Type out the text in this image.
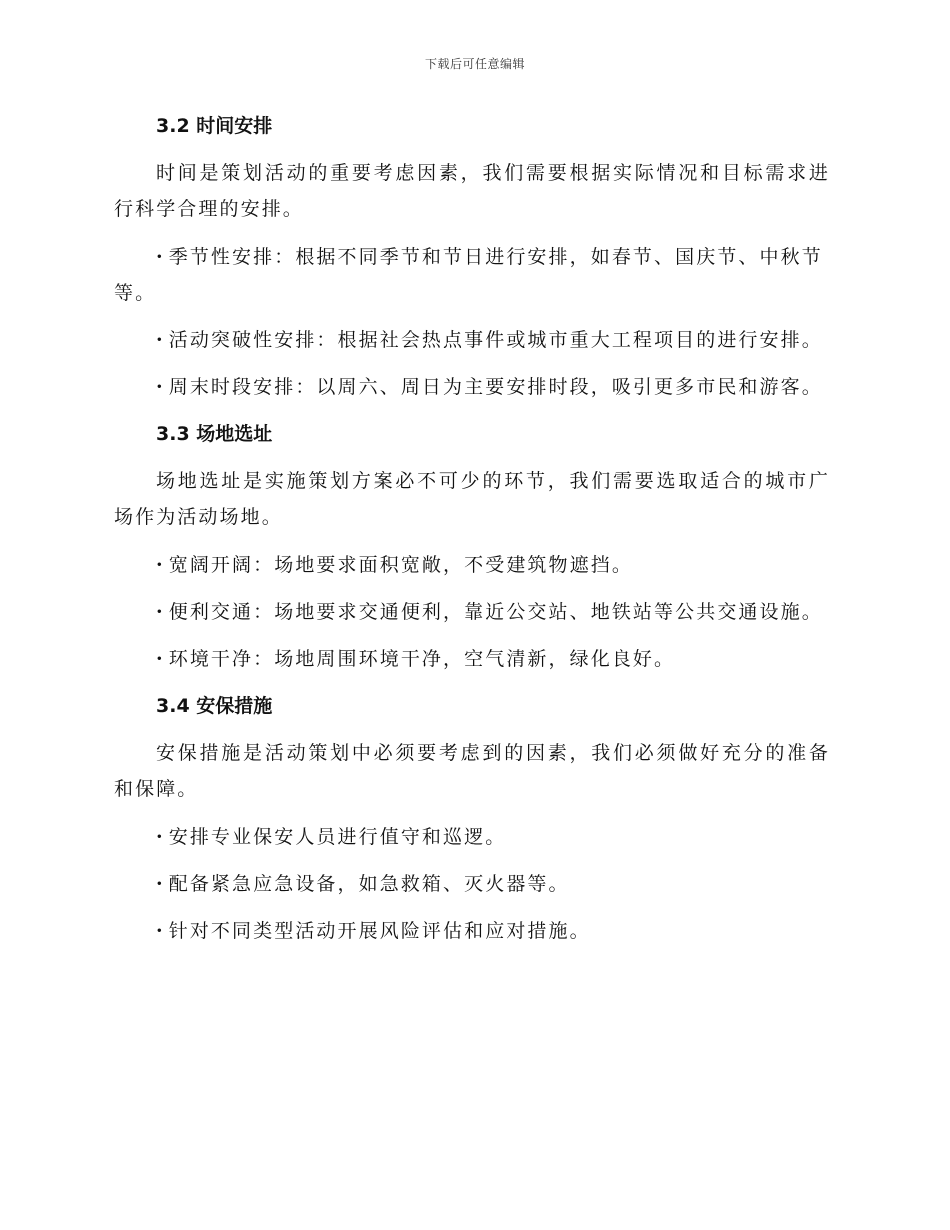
下载后可任意编辑
3.2 时间安排

时间是策划活动的重要考虑因素，我们需要根据实际情况和目标需求进行科学合理的安排。

· 季节性安排：根据不同季节和节日进行安排，如春节、国庆节、中秋节等。

· 活动突破性安排：根据社会热点事件或城市重大工程项目的进行安排。

· 周末时段安排：以周六、周日为主要安排时段，吸引更多市民和游客。

3.3 场地选址

场地选址是实施策划方案必不可少的环节，我们需要选取适合的城市广场作为活动场地。

· 宽阔开阔：场地要求面积宽敞，不受建筑物遮挡。

· 便利交通：场地要求交通便利，靠近公交站、地铁站等公共交通设施。

· 环境干净：场地周围环境干净，空气清新，绿化良好。

3.4 安保措施

安保措施是活动策划中必须要考虑到的因素，我们必须做好充分的准备和保障。

· 安排专业保安人员进行值守和巡逻。

· 配备紧急应急设备，如急救箱、灭火器等。

· 针对不同类型活动开展风险评估和应对措施。
